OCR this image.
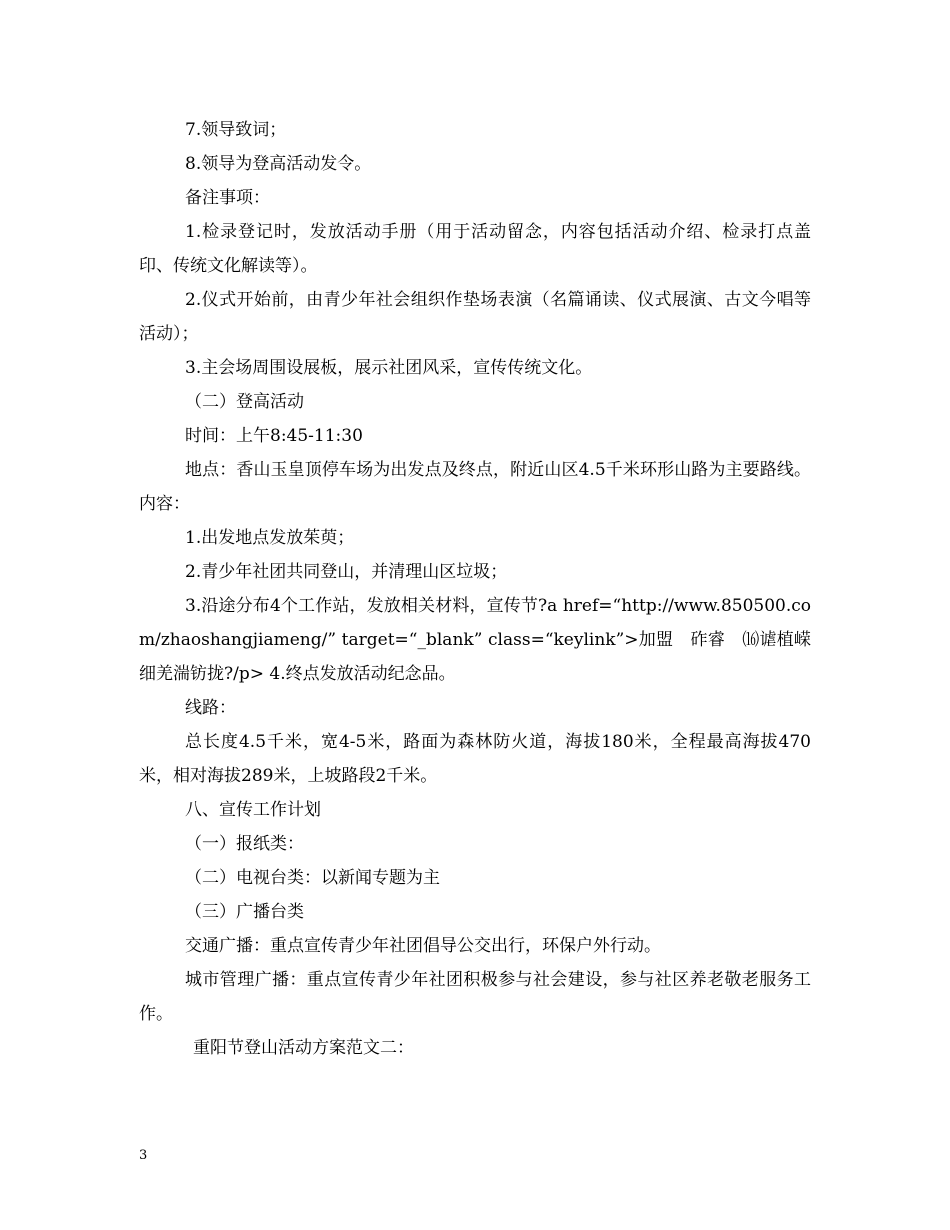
7.领导致词；

8.领导为登高活动发令。

备注事项：

1.检录登记时，发放活动手册（用于活动留念，内容包括活动介绍、检录打点盖印、传统文化解读等）。

2.仪式开始前，由青少年社会组织作垫场表演（名篇诵读、仪式展演、古文今唱等活动）；

3.主会场周围设展板，展示社团风采，宣传传统文化。

（二）登高活动

时间：上午8:45-11:30

地点：香山玉皇顶停车场为出发点及终点，附近山区4.5千米环形山路为主要路线。内容：

1.出发地点发放茱萸；

2.青少年社团共同登山，并清理山区垃圾；

3.沿途分布4个工作站，发放相关材料，宣传节?a href=“http://www.850500.com/zhaoshangjiameng/” target=“_blank” class=“keylink”>加盟　砟睿　⒃谑植嵘细羌湍钫拢?/p> 4.终点发放活动纪念品。

线路：

总长度4.5千米，宽4-5米，路面为森林防火道，海拔180米，全程最高海拔470米，相对海拔289米，上坡路段2千米。

八、宣传工作计划

（一）报纸类：

（二）电视台类：以新闻专题为主

（三）广播台类

交通广播：重点宣传青少年社团倡导公交出行，环保户外行动。

城市管理广播：重点宣传青少年社团积极参与社会建设，参与社区养老敬老服务工作。

重阳节登山活动方案范文二：

3
